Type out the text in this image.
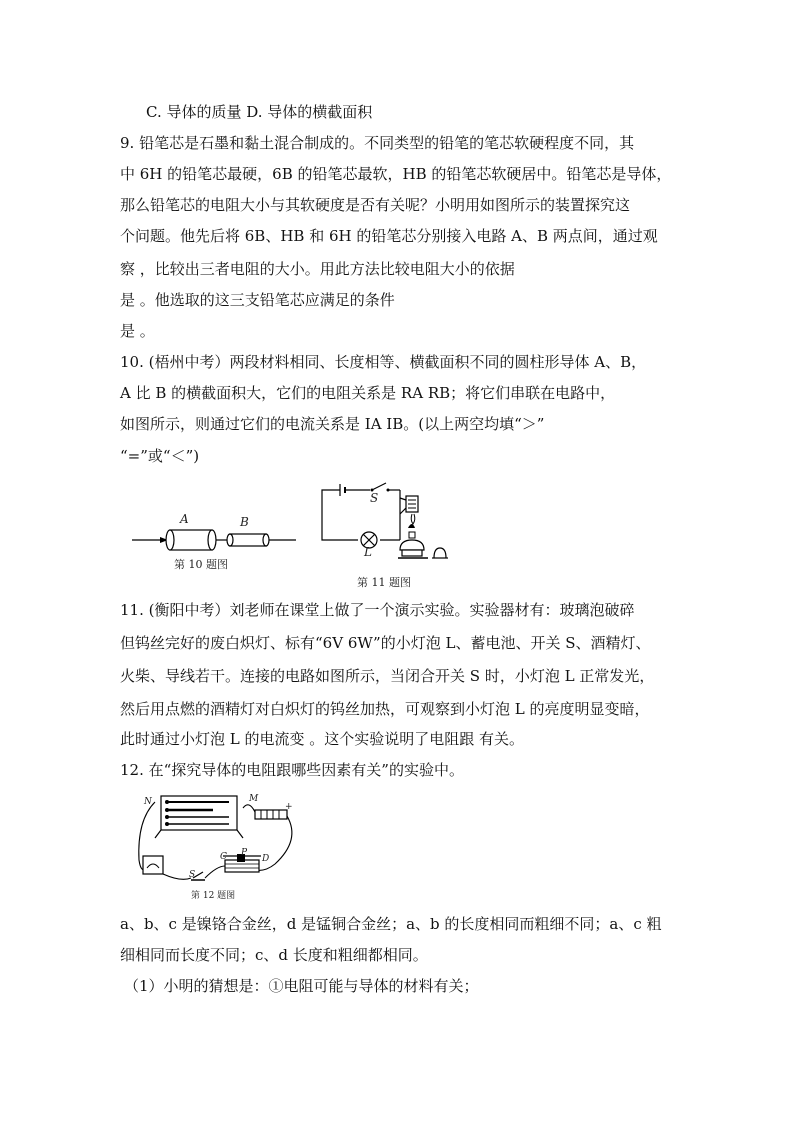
C. 导体的质量 D. 导体的横截面积
9. 铅笔芯是石墨和黏土混合制成的。不同类型的铅笔的笔芯软硬程度不同，其
中 6H 的铅笔芯最硬，6B 的铅笔芯最软，HB 的铅笔芯软硬居中。铅笔芯是导体，
那么铅笔芯的电阻大小与其软硬度是否有关呢？小明用如图所示的装置探究这
个问题。他先后将 6B、HB 和 6H 的铅笔芯分别接入电路 A、B 两点间，通过观
察 ，比较出三者电阻的大小。用此方法比较电阻大小的依据
是 。他选取的这三支铅笔芯应满足的条件
是 。
10. (梧州中考）两段材料相同、长度相等、横截面积不同的圆柱形导体 A、B，
A 比 B 的横截面积大，它们的电阻关系是 RA RB；将它们串联在电路中，
如图所示，则通过它们的电流关系是 IA IB。(以上两空均填“＞”
“=”或“＜”)
A	B
第 10 题图
S
L
第 11 题图
11. (衡阳中考）刘老师在课堂上做了一个演示实验。实验器材有：玻璃泡破碎
但钨丝完好的废白炽灯、标有“6V 6W”的小灯泡 L、蓄电池、开关 S、酒精灯、
火柴、导线若干。连接的电路如图所示，当闭合开关 S 时，小灯泡 L 正常发光，
然后用点燃的酒精灯对白炽灯的钨丝加热，可观察到小灯泡 L 的亮度明显变暗，
此时通过小灯泡 L 的电流变 。这个实验说明了电阻跟 有关。
12. 在“探究导体的电阻跟哪些因素有关”的实验中。
N	M
+
S
C P
D
第 12 题图
a、b、c 是镍铬合金丝，d 是锰铜合金丝；a、b 的长度相同而粗细不同；a、c 粗
细相同而长度不同；c、d 长度和粗细都相同。
（1）小明的猜想是：①电阻可能与导体的材料有关；
